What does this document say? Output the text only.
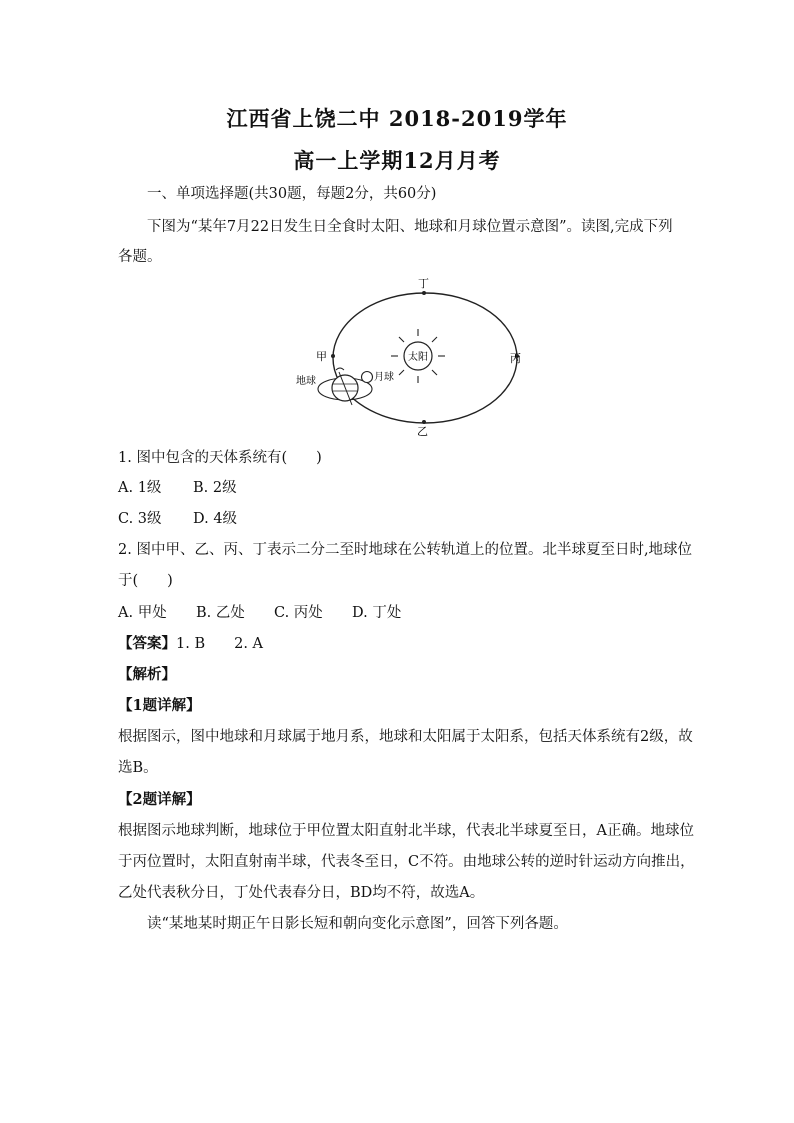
江西省上饶二中 2018-2019学年
高一上学期12月月考
一、单项选择题(共30题，每题2分，共60分)
下图为“某年7月22日发生日全食时太阳、地球和月球位置示意图”。读图,完成下列
各题。
丁
甲	丙
乙
太阳
地球	月球
1. 图中包含的天体系统有(　　)
A. 1级 B. 2级
C. 3级 D. 4级
2. 图中甲、乙、丙、丁表示二分二至时地球在公转轨道上的位置。北半球夏至日时,地球位
于(　　)
A. 甲处 B. 乙处 C. 丙处 D. 丁处
【答案】1. B　　2. A
【解析】
【1题详解】
根据图示，图中地球和月球属于地月系，地球和太阳属于太阳系，包括天体系统有2级，故
选B。
【2题详解】
根据图示地球判断，地球位于甲位置太阳直射北半球，代表北半球夏至日，A正确。地球位
于丙位置时，太阳直射南半球，代表冬至日，C不符。由地球公转的逆时针运动方向推出，
乙处代表秋分日，丁处代表春分日，BD均不符，故选A。
读“某地某时期正午日影长短和朝向变化示意图”，回答下列各题。
